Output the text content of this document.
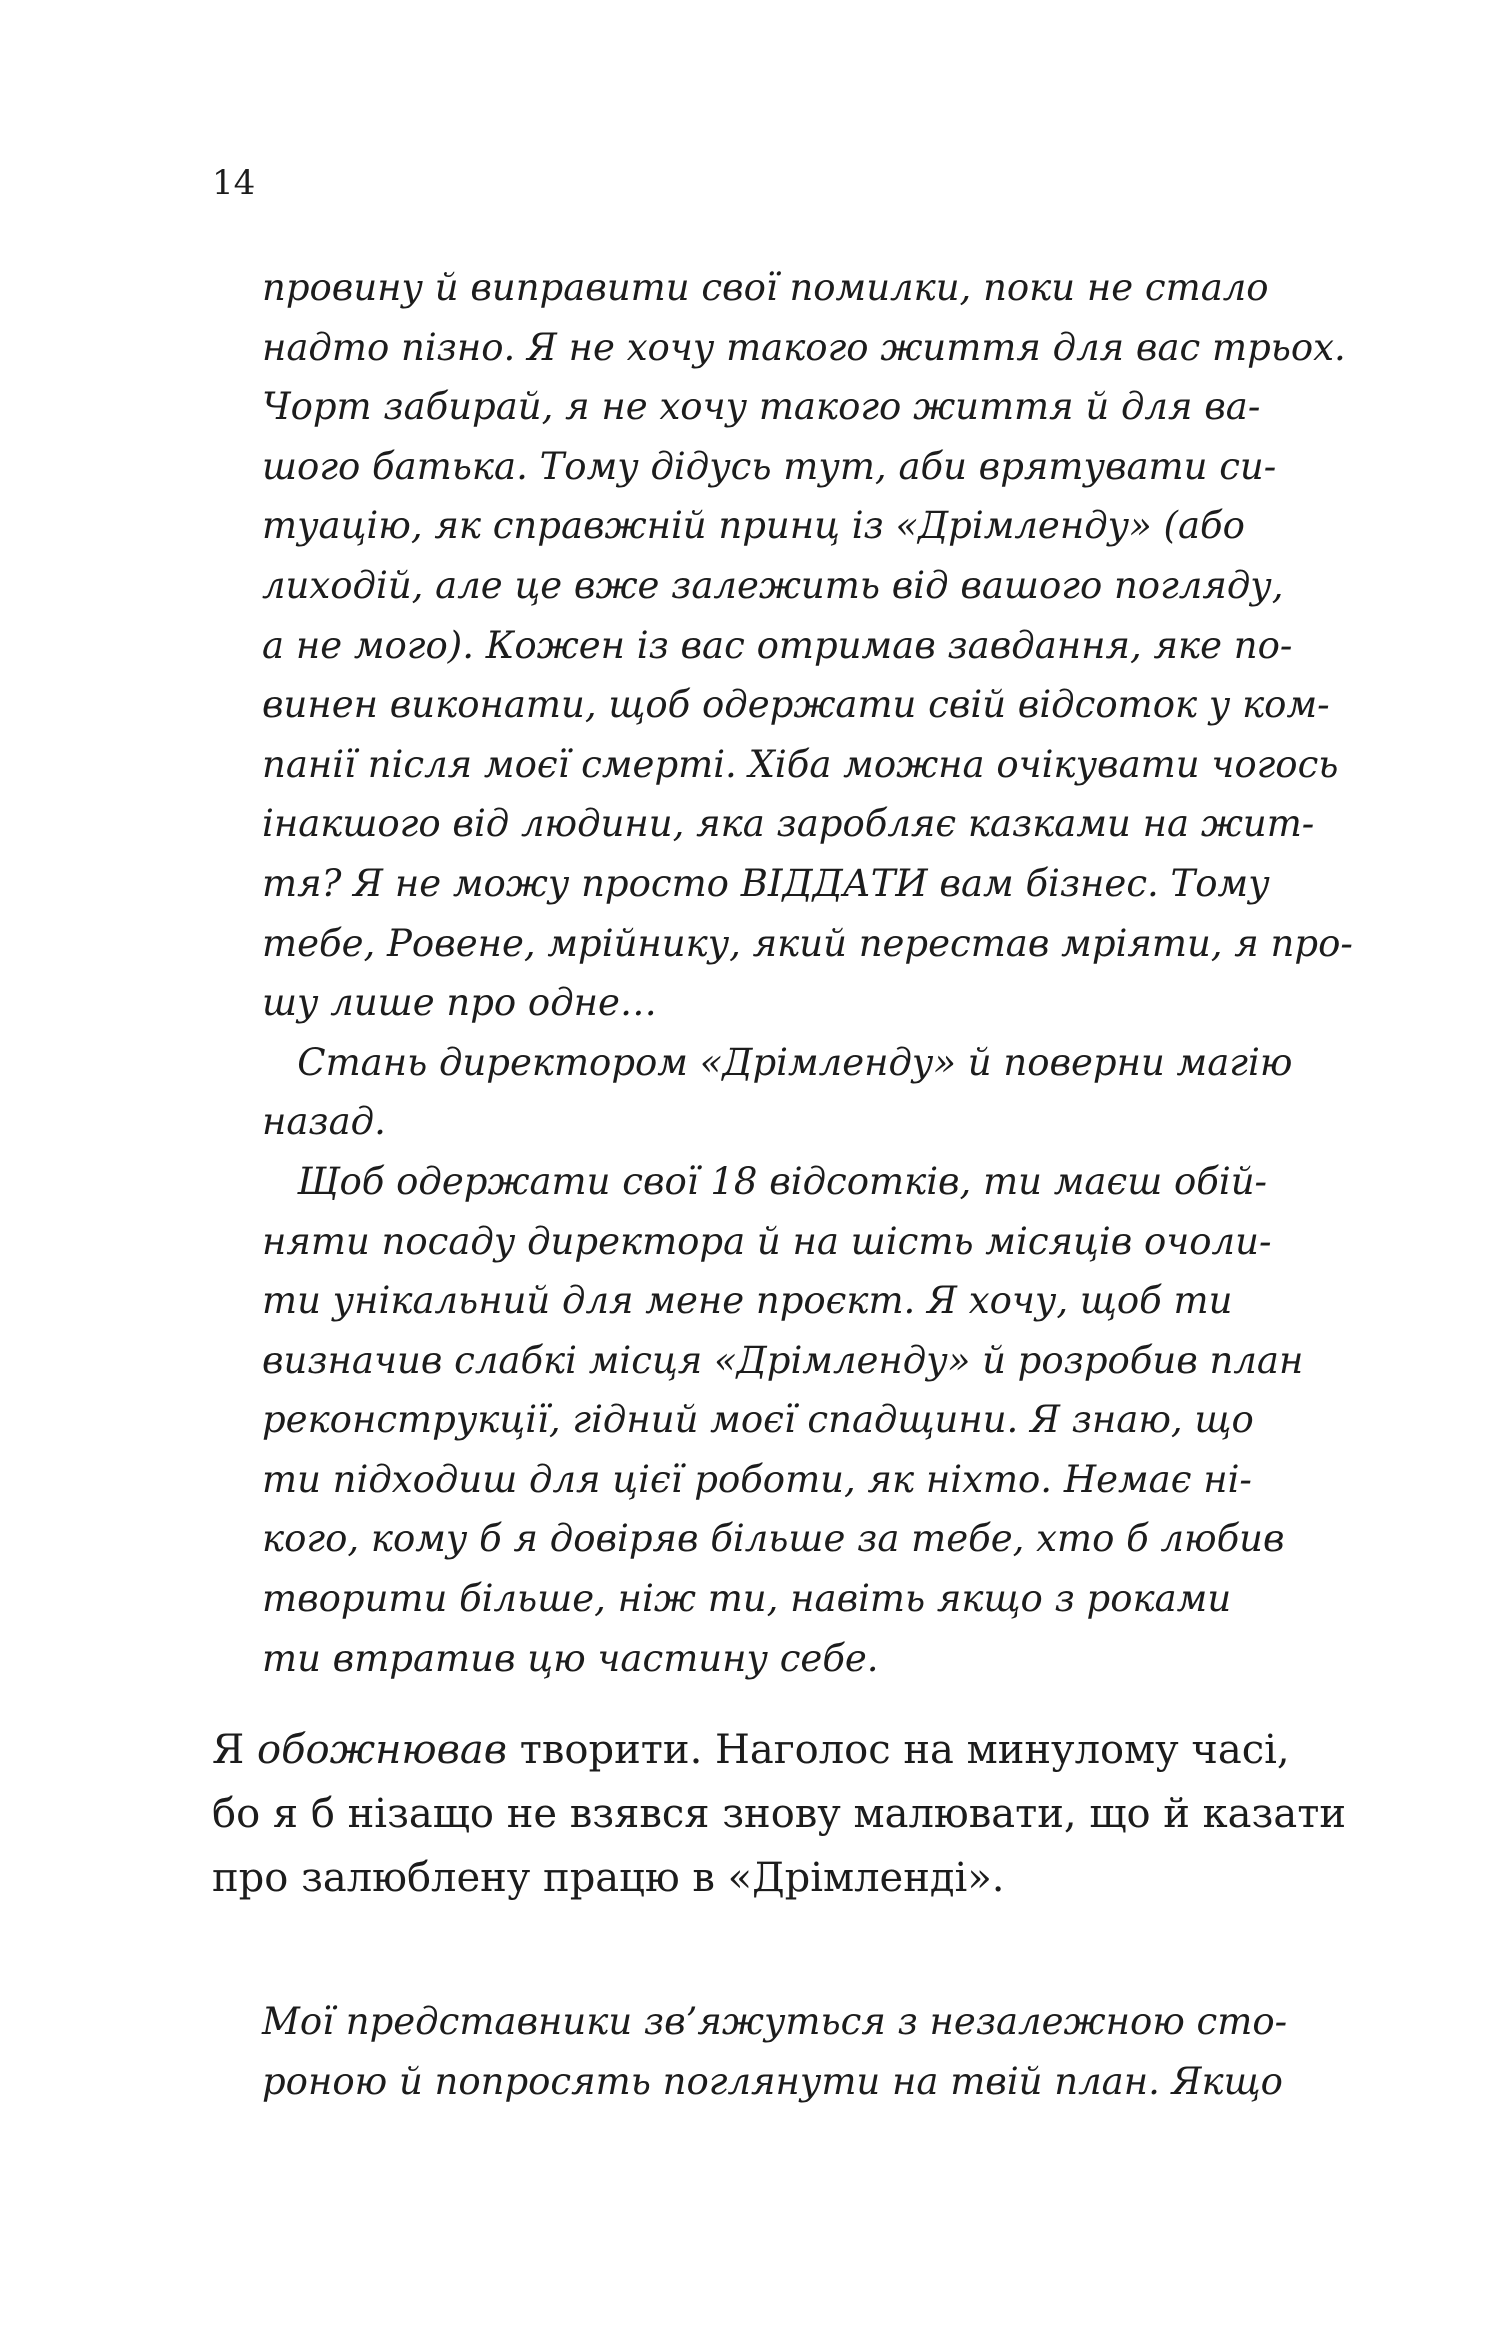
14
провину й виправити свої помилки, поки не стало
надто пізно. Я не хочу такого життя для вас трьох.
Чорт забирай, я не хочу такого життя й для ва-
шого батька. Тому дідусь тут, аби врятувати си-
туацію, як справжній принц із «Дрімленду» (або
лиходій, але це вже залежить від вашого погляду,
а не мого). Кожен із вас отримав завдання, яке по-
винен виконати, щоб одержати свій відсоток у ком-
панії після моєї смерті. Хіба можна очікувати чогось
інакшого від людини, яка заробляє казками на жит-
тя? Я не можу просто ВІДДАТИ вам бізнес. Тому
тебе, Ровене, мрійнику, який перестав мріяти, я про-
шу лише про одне…
Стань директором «Дрімленду» й поверни магію
назад.
Щоб одержати свої 18 відсотків, ти маєш обій-
няти посаду директора й на шість місяців очоли-
ти унікальний для мене проєкт. Я хочу, щоб ти
визначив слабкі місця «Дрімленду» й розробив план
реконструкції, гідний моєї спадщини. Я знаю, що
ти підходиш для цієї роботи, як ніхто. Немає ні-
кого, кому б я довіряв більше за тебе, хто б любив
творити більше, ніж ти, навіть якщо з роками
ти втратив цю частину себе.
Я обожнював творити. Наголос на минулому часі,
бо я б нізащо не взявся знову малювати, що й казати
про залюблену працю в «Дрімленді».
Мої представники зв’яжуться з незалежною сто-
роною й попросять поглянути на твій план. Якщо
